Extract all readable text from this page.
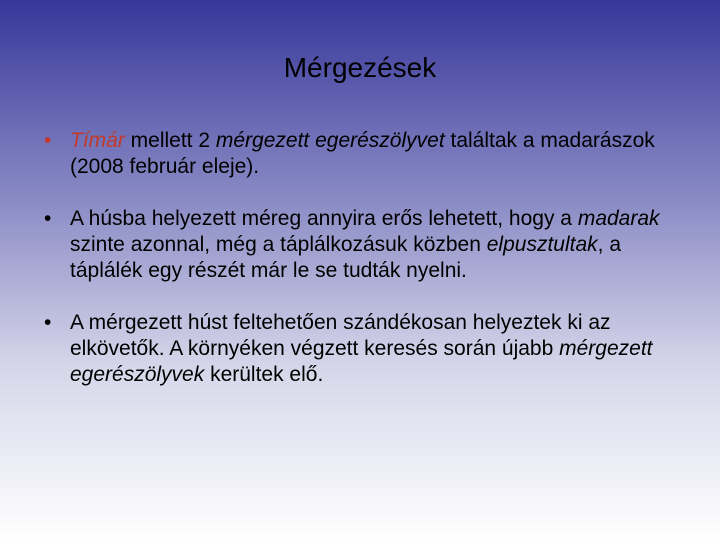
Mérgezések
• Tímár mellett 2 mérgezett egerészölyvet találtak a madarászok (2008 február eleje).
• A húsba helyezett méreg annyira erős lehetett, hogy a madarak szinte azonnal, még a táplálkozásuk közben elpusztultak, a táplálék egy részét már le se tudták nyelni.
• A mérgezett húst feltehetően szándékosan helyeztek ki az elkövetők. A környéken végzett keresés során újabb mérgezett egerészölyvek kerültek elő.
